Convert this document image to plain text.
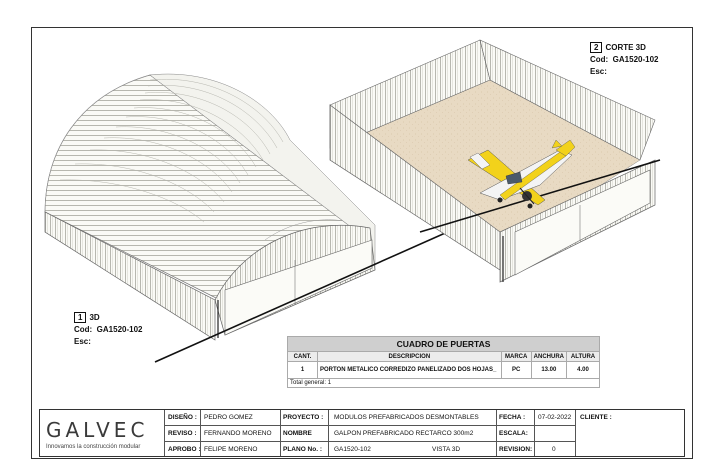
1 3D
Cod: GA1520-102
Esc:
2 CORTE 3D
Cod: GA1520-102
Esc:
CUADRO DE PUERTAS				
CANT.	DESCRIPCION	MARCA	ANCHURA	ALTURA
1	PORTON METALICO CORREDIZO PANELIZADO DOS HOJAS_	PC	13.00	4.00
Total general: 1				
GALVEC
Innovamos la construcción modular
DISEÑO : PEDRO GOMEZ
REVISO : FERNANDO MORENO
APROBO : FELIPE MORENO
PROYECTO : MODULOS PREFABRICADOS DESMONTABLES
NOMBRE	GALPON PREFABRICADO RECTARCO 300m2
PLANO No. : GA1520-102	VISTA 3D
FECHA : 07-02-2022
ESCALA:
REVISION:	0
CLIENTE :
